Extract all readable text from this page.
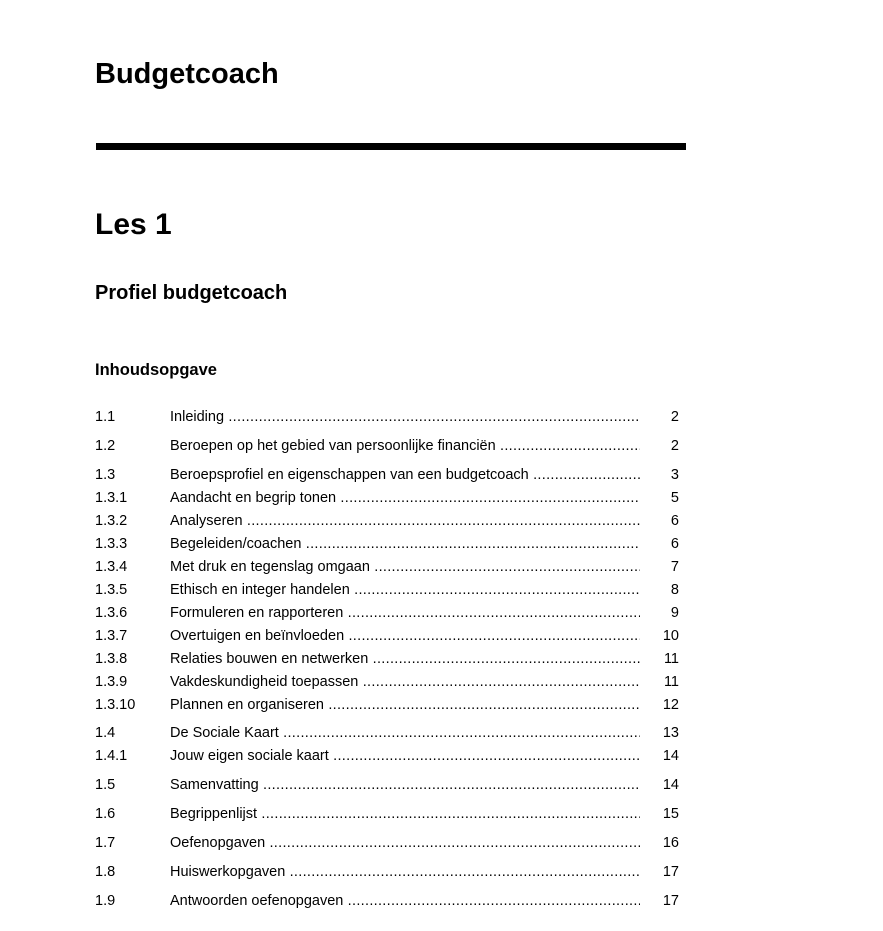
Budgetcoach
Les 1
Profiel budgetcoach
Inhoudsopgave
1.1	Inleiding .....	2
1.2	Beroepen op het gebied van persoonlijke financiën .....	2
1.3	Beroepsprofiel en eigenschappen van een budgetcoach .....	3
1.3.1	Aandacht en begrip tonen .....	5
1.3.2	Analyseren .....	6
1.3.3	Begeleiden/coachen .....	6
1.3.4	Met druk en tegenslag omgaan .....	7
1.3.5	Ethisch en integer handelen .....	8
1.3.6	Formuleren en rapporteren .....	9
1.3.7	Overtuigen en beïnvloeden .....	10
1.3.8	Relaties bouwen en netwerken .....	11
1.3.9	Vakdeskundigheid toepassen .....	11
1.3.10 Plannen en organiseren .....	12
1.4	De Sociale Kaart .....	13
1.4.1	Jouw eigen sociale kaart .....	14
1.5	Samenvatting .....	14
1.6	Begrippenlijst .....	15
1.7	Oefenopgaven .....	16
1.8	Huiswerkopgaven .....	17
1.9	Antwoorden oefenopgaven .....	17
